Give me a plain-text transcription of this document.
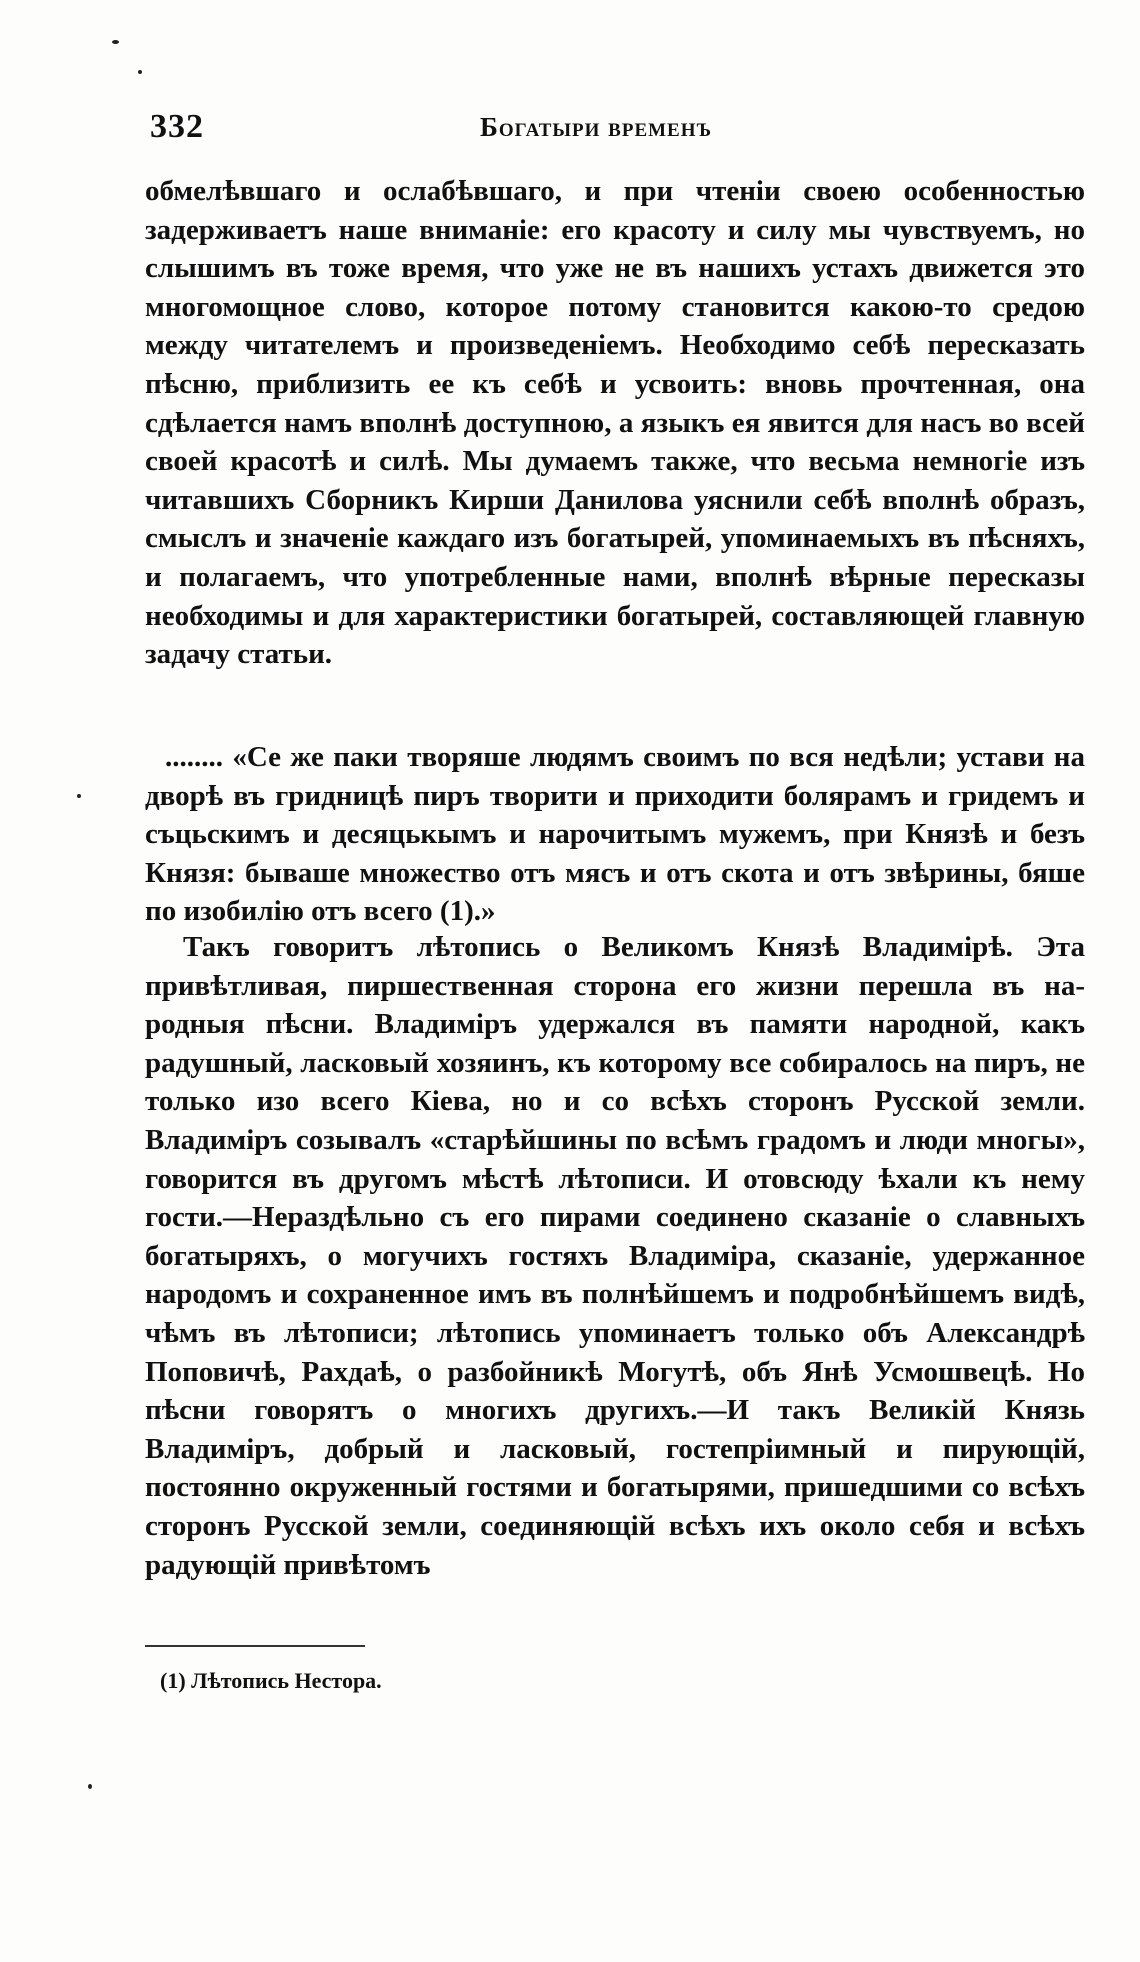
332	Богатыри временъ
обмелѣвшаго и ослабѣвшаго, и при чтеніи своею особенностью задерживаетъ наше вниманіе: его красоту и силу мы чувствуемъ, но слышимъ въ тоже время, что уже не въ нашихъ устахъ движется это многомощное слово, которое потому становится какою-то средою между читателемъ и произведеніемъ. Необходимо себѣ пересказать пѣсню, приблизить ее къ себѣ и усвоить: вновь прочтенная, она сдѣлается намъ вполнѣ доступною, а языкъ ея явится для насъ во всей своей красотѣ и силѣ. Мы думаемъ также, что весьма немногіе изъ читавшихъ Сборникъ Кирши Данилова уяснили себѣ вполнѣ образъ, смыслъ и значеніе каждаго изъ богатырей, упоминаемыхъ въ пѣсняхъ, и полагаемъ, что употребленные нами, вполнѣ вѣрные пересказы необходимы и для характеристики богатырей, составляющей главную задачу статьи.
........ «Се же паки творяше людямъ своимъ по вся недѣли; устави на дворѣ въ гридницѣ пиръ творити и приходити болярамъ и гридемъ и съцьскимъ и десяцькымъ и нарочитымъ мужемъ, при Князѣ и безъ Князя: бываше множество отъ мясъ и отъ скота и отъ звѣрины, бяше по изобилію отъ всего (1).»
Такъ говоритъ лѣтопись о Великомъ Князѣ Владимірѣ. Эта привѣтливая, пиршественная сторона его жизни перешла въ народныя пѣсни. Владиміръ удержался въ памяти народной, какъ радушный, ласковый хозяинъ, къ которому все собиралось на пиръ, не только изо всего Кіева, но и со всѣхъ сторонъ Русской земли. Владиміръ созывалъ «старѣйшины по всѣмъ градомъ и люди многы», говорится въ другомъ мѣстѣ лѣтописи. И отовсюду ѣхали къ нему гости.—Нераздѣльно съ его пирами соединено сказаніе о славныхъ богатыряхъ, о могучихъ гостяхъ Владиміра, сказаніе, удержанное народомъ и сохраненное имъ въ полнѣйшемъ и подробнѣйшемъ видѣ, чѣмъ въ лѣтописи; лѣтопись упоминаетъ только объ Александрѣ Поповичѣ, Рахдаѣ, о разбойникѣ Могутѣ, объ Янѣ Усмошвецѣ. Но пѣсни говорятъ о многихъ другихъ.—И такъ Великій Князь Владиміръ, добрый и ласковый, гостепріимный и пирующій, постоянно окруженный гостями и богатырями, пришедшими со всѣхъ сторонъ Русской земли, соединяющій всѣхъ ихъ около себя и всѣхъ радующій привѣтомъ
(1) Лѣтопись Нестора.
